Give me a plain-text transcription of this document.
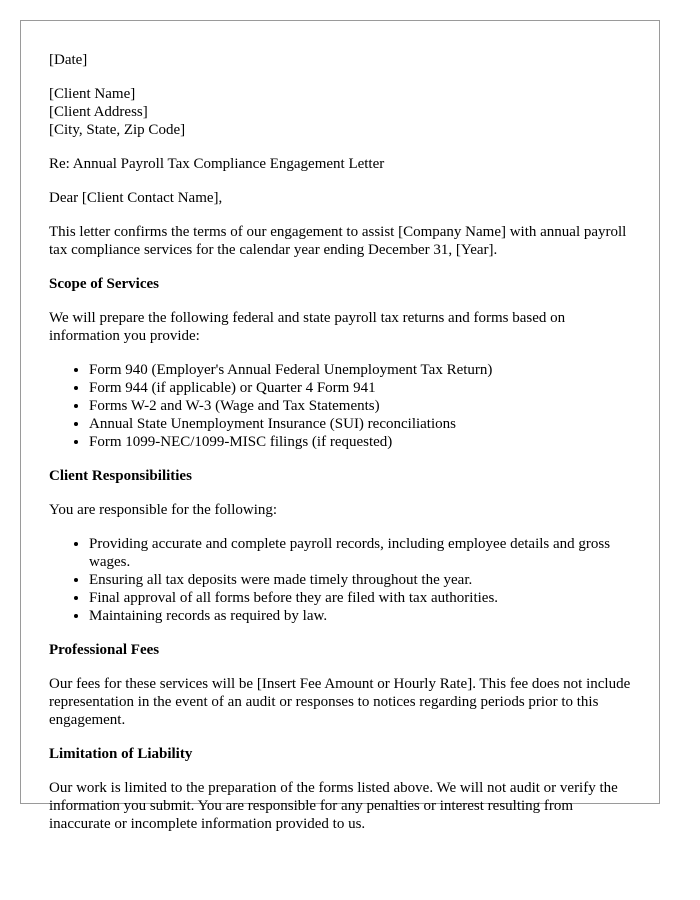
[Date]

[Client Name]
[Client Address]
[City, State, Zip Code]

Re: Annual Payroll Tax Compliance Engagement Letter

Dear [Client Contact Name],

This letter confirms the terms of our engagement to assist [Company Name] with annual payroll tax compliance services for the calendar year ending December 31, [Year].

Scope of Services

We will prepare the following federal and state payroll tax returns and forms based on information you provide:

• Form 940 (Employer's Annual Federal Unemployment Tax Return)
• Form 944 (if applicable) or Quarter 4 Form 941
• Forms W-2 and W-3 (Wage and Tax Statements)
• Annual State Unemployment Insurance (SUI) reconciliations
• Form 1099-NEC/1099-MISC filings (if requested)
Client Responsibilities

You are responsible for the following:

• Providing accurate and complete payroll records, including employee details and gross wages.
• Ensuring all tax deposits were made timely throughout the year.
• Final approval of all forms before they are filed with tax authorities.
• Maintaining records as required by law.
Professional Fees

Our fees for these services will be [Insert Fee Amount or Hourly Rate]. This fee does not include representation in the event of an audit or responses to notices regarding periods prior to this engagement.

Limitation of Liability

Our work is limited to the preparation of the forms listed above. We will not audit or verify the information you submit. You are responsible for any penalties or interest resulting from inaccurate or incomplete information provided to us.
